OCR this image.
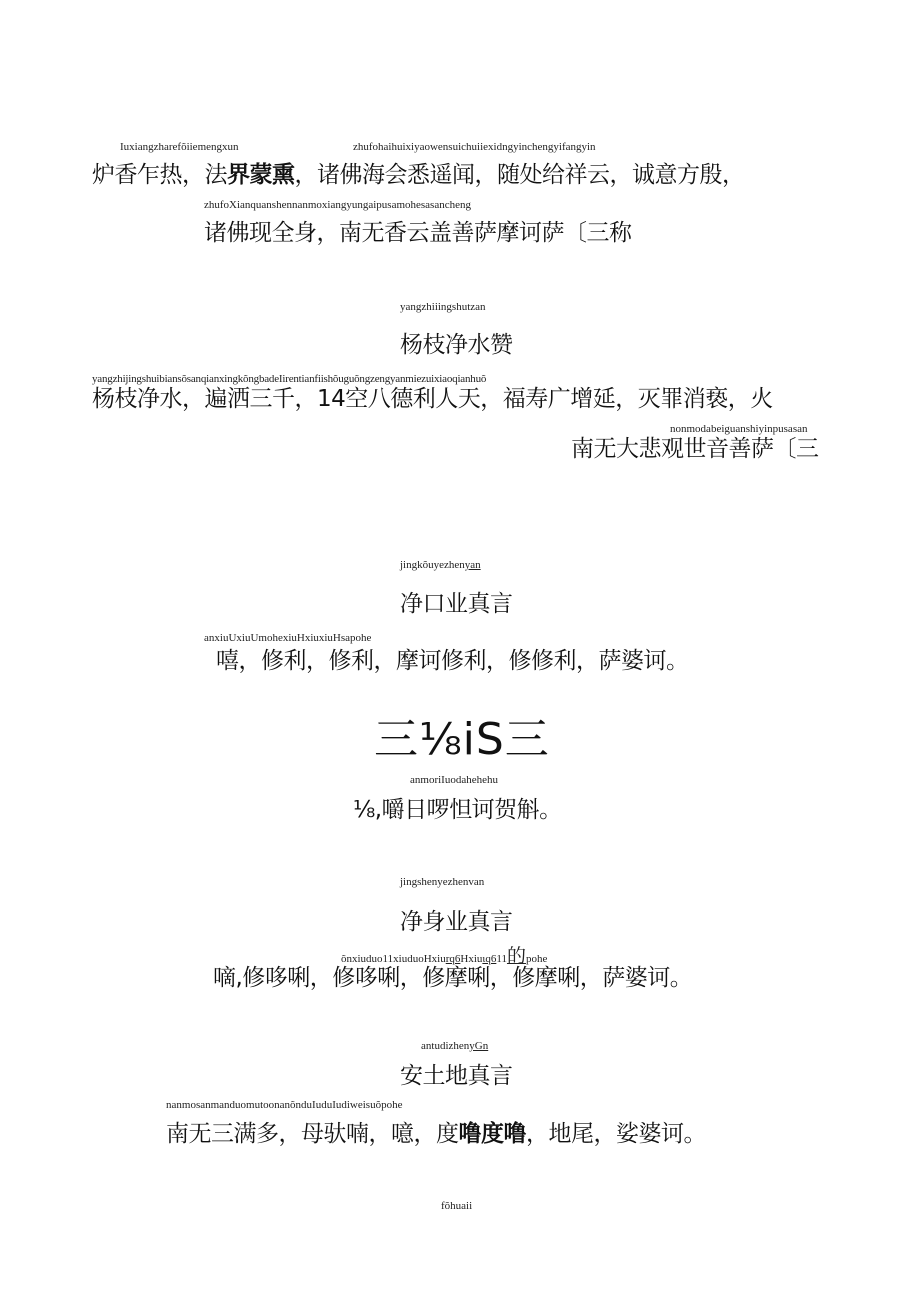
Iuxiangzharefõiiemengxun	zhufohaihuixiyaowensuichuiiexidngyinchengyifangyin
炉香乍热，法界蒙熏，诸佛海会悉遥闻，随处给祥云，诚意方殷，
zhufoXianquanshennanmoxiangyungaipusamohesasancheng
诸佛现全身，南无香云盖善萨摩诃萨〔三称
yangzhiiingshutzan
杨枝净水赞
yangzhijingshuibiansõsanqianxingkõngbadeIirentianfiishõuguõngzengyanmiezuixiaoqianhuõ
杨枝净水，遍洒三千，14空八德利人天，福寿广增延，灭罪消亵，火
nonmodabeiguanshiyinpusasan
南无大悲观世音善萨〔三
jingkõuyezhenyan
净口业真言
anxiuUxiuUmohexiuHxiuxiuHsapohe
嘻，修利，修利，摩诃修利，修修利，萨婆诃。
三⅛iS三
anmoriIuodahehehu
⅛,嚼日啰怛诃贺斛。
jingshenyezhenvan
净身业真言
õnxiuduo11xiuduoHxiurq6Hxiuιq611的pohe
嘀,修哆唎，修哆唎，修摩唎，修摩唎，萨婆诃。
antudizhenyGn
安土地真言
nanmosanmanduomutoonanõnduIuduIudiweisuõpohe
南无三满多，母驮喃，噫，度噜度噜，地尾，娑婆诃。
fõhuaii
